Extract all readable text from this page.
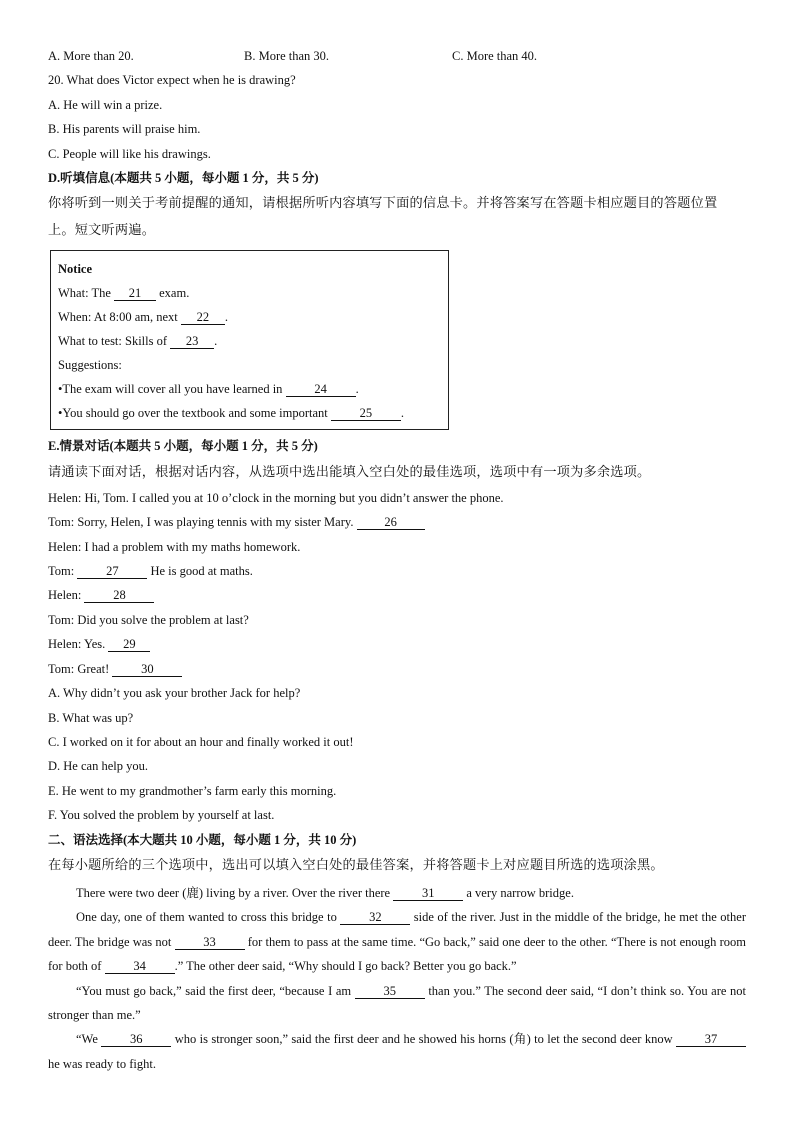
A. More than 20.	B. More than 30.	C. More than 40.
20. What does Victor expect when he is drawing?
A. He will win a prize.
B. His parents will praise him.
C. People will like his drawings.
D.听填信息(本题共 5 小题，每小题 1 分，共 5 分)
你将听到一则关于考前提醒的通知，请根据所听内容填写下面的信息卡。并将答案写在答题卡相应题目的答题位置
上。短文听两遍。
Notice
What: The 21 exam.
When: At 8:00 am, next 22 .
What to test: Skills of 23 .
Suggestions:
•The exam will cover all you have learned in 24 .
•You should go over the textbook and some important 25 .
E.情景对话(本题共 5 小题，每小题 1 分，共 5 分)
请通读下面对话，根据对话内容，从选项中选出能填入空白处的最佳选项，选项中有一项为多余选项。
Helen: Hi, Tom. I called you at 10 o’clock in the morning but you didn’t answer the phone.
Tom: Sorry, Helen, I was playing tennis with my sister Mary. 26
Helen: I had a problem with my maths homework.
Tom: 27 He is good at maths.
Helen: 28
Tom: Did you solve the problem at last?
Helen: Yes. 29
Tom: Great! 30
A. Why didn’t you ask your brother Jack for help?
B. What was up?
C. I worked on it for about an hour and finally worked it out!
D. He can help you.
E. He went to my grandmother’s farm early this morning.
F. You solved the problem by yourself at last.
二、语法选择(本大题共 10 小题，每小题 1 分，共 10 分)
在每小题所给的三个选项中，选出可以填入空白处的最佳答案，并将答题卡上对应题目所选的选项涂黑。
There were two deer (鹿) living by a river. Over the river there 31 a very narrow bridge.
One day, one of them wanted to cross this bridge to 32 side of the river. Just in the middle of the bridge, he met the other deer. The bridge was not 33 for them to pass at the same time. “Go back,” said one deer to the other. “There is not enough room for both of 34 .” The other deer said, “Why should I go back? Better you go back.”
“You must go back,” said the first deer, “because I am 35 than you.” The second deer said, “I don’t think so. You are not stronger than me.”
“We 36 who is stronger soon,” said the first deer and he showed his horns (角) to let the second deer know 37 he was ready to fight.
